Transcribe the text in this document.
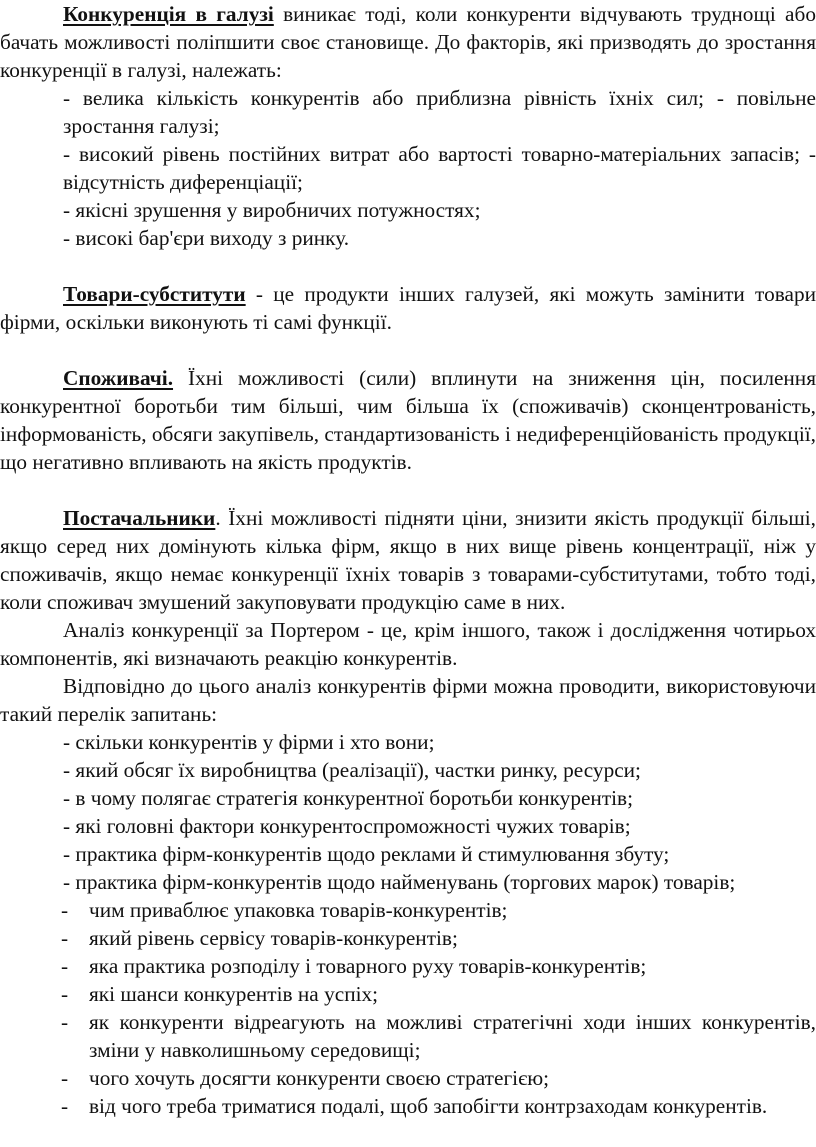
Конкуренція в галузі виникає тоді, коли конкуренти відчувають труднощі або бачать можливості поліпшити своє становище. До факторів, які призводять до зростання конкуренції в галузі, належать:

- велика кількість конкурентів або приблизна рівність їхніх сил; - повільне зростання галузі;

- високий рівень постійних витрат або вартості товарно-матеріальних запасів; - відсутність диференціації;

- якісні зрушення у виробничих потужностях;

- високі бар'єри виходу з ринку.

Товари-субститути - це продукти інших галузей, які можуть замінити товари фірми, оскільки виконують ті самі функції.

Споживачі. Їхні можливості (сили) вплинути на зниження цін, посилення конкурентної боротьби тим більші, чим більша їх (споживачів) сконцентрованість, інформованість, обсяги закупівель, стандартизованість і недиференційованість продукції, що негативно впливають на якість продуктів.

Постачальники. Їхні можливості підняти ціни, знизити якість продукції більші, якщо серед них домінують кілька фірм, якщо в них вище рівень концентрації, ніж у споживачів, якщо немає конкуренції їхніх товарів з товарами-субститутами, тобто тоді, коли споживач змушений закуповувати продукцію саме в них.

Аналіз конкуренції за Портером - це, крім іншого, також і дослідження чотирьох компонентів, які визначають реакцію конкурентів.

Відповідно до цього аналіз конкурентів фірми можна проводити, використовуючи такий перелік запитань:

- скільки конкурентів у фірми і хто вони;

- який обсяг їх виробництва (реалізації), частки ринку, ресурси;

- в чому полягає стратегія конкурентної боротьби конкурентів;

- які головні фактори конкурентоспроможності чужих товарів;

- практика фірм-конкурентів щодо реклами й стимулювання збуту;

- практика фірм-конкурентів щодо найменувань (торгових марок) товарів;

- чим приваблює упаковка товарів-конкурентів;
- який рівень сервісу товарів-конкурентів;
- яка практика розподілу і товарного руху товарів-конкурентів;
- які шанси конкурентів на успіх;
- як конкуренти відреагують на можливі стратегічні ходи інших конкурентів, зміни у навколишньому середовищі;
- чого хочуть досягти конкуренти своєю стратегією;
- від чого треба триматися подалі, щоб запобігти контрзаходам конкурентів.
